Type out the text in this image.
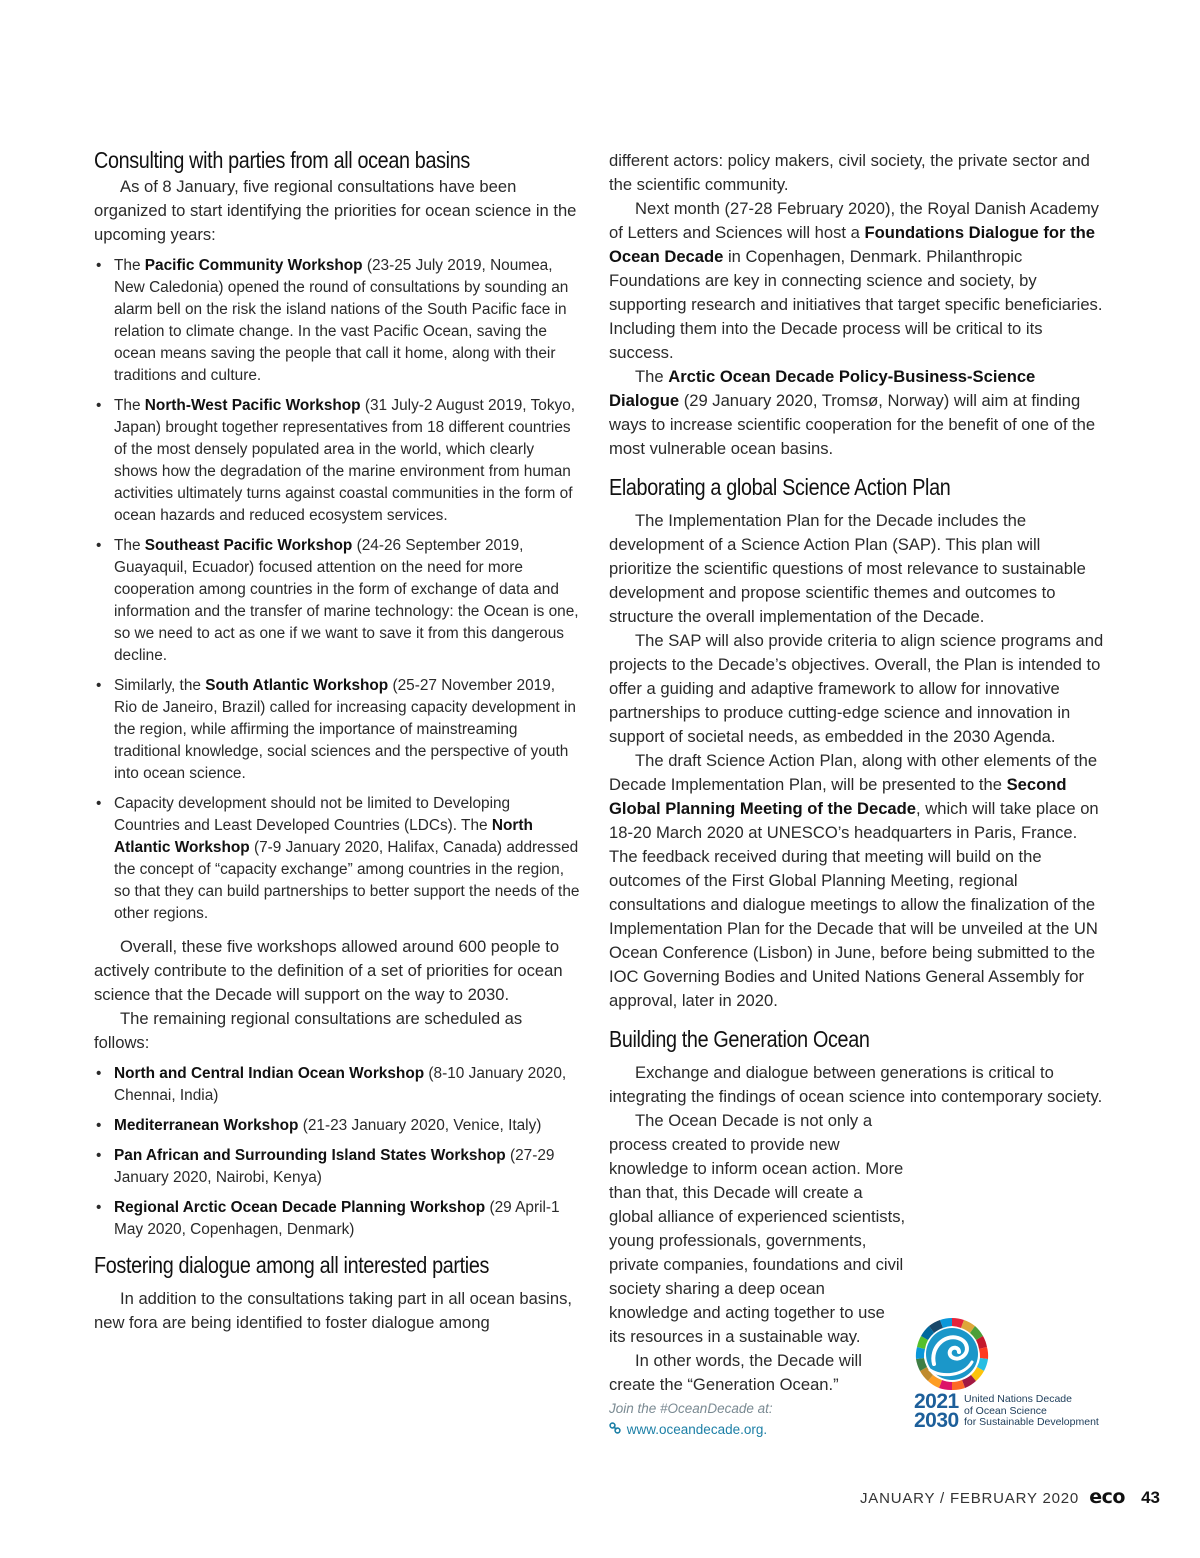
Consulting with parties from all ocean basins

As of 8 January, five regional consultations have been organized to start identifying the priorities for ocean science in the upcoming years:

• The Pacific Community Workshop (23-25 July 2019, Noumea, New Caledonia) opened the round of consultations by sounding an alarm bell on the risk the island nations of the South Pacific face in relation to climate change. In the vast Pacific Ocean, saving the ocean means saving the people that call it home, along with their traditions and culture.
• The North-West Pacific Workshop (31 July-2 August 2019, Tokyo, Japan) brought together representatives from 18 different countries of the most densely populated area in the world, which clearly shows how the degradation of the marine environment from human activities ultimately turns against coastal communities in the form of ocean hazards and reduced ecosystem services.
• The Southeast Pacific Workshop (24-26 September 2019, Guayaquil, Ecuador) focused attention on the need for more cooperation among countries in the form of exchange of data and information and the transfer of marine technology: the Ocean is one, so we need to act as one if we want to save it from this dangerous decline.
• Similarly, the South Atlantic Workshop (25-27 November 2019, Rio de Janeiro, Brazil) called for increasing capacity development in the region, while affirming the importance of mainstreaming traditional knowledge, social sciences and the perspective of youth into ocean science.
• Capacity development should not be limited to Developing Countries and Least Developed Countries (LDCs). The North Atlantic Workshop (7-9 January 2020, Halifax, Canada) addressed the concept of “capacity exchange” among countries in the region, so that they can build partnerships to better support the needs of the other regions.

Overall, these five workshops allowed around 600 people to actively contribute to the definition of a set of priorities for ocean science that the Decade will support on the way to 2030.

The remaining regional consultations are scheduled as follows:

• North and Central Indian Ocean Workshop (8-10 January 2020, Chennai, India)
• Mediterranean Workshop (21-23 January 2020, Venice, Italy)
• Pan African and Surrounding Island States Workshop (27-29 January 2020, Nairobi, Kenya)
• Regional Arctic Ocean Decade Planning Workshop (29 April-1 May 2020, Copenhagen, Denmark)
Fostering dialogue among all interested parties

In addition to the consultations taking part in all ocean basins, new fora are being identified to foster dialogue among

different actors: policy makers, civil society, the private sector and the scientific community.

Next month (27-28 February 2020), the Royal Danish Academy of Letters and Sciences will host a Foundations Dialogue for the Ocean Decade in Copenhagen, Denmark. Philanthropic Foundations are key in connecting science and society, by supporting research and initiatives that target specific beneficiaries. Including them into the Decade process will be critical to its success.

The Arctic Ocean Decade Policy-Business-Science Dialogue (29 January 2020, Tromsø, Norway) will aim at finding ways to increase scientific cooperation for the benefit of one of the most vulnerable ocean basins.

Elaborating a global Science Action Plan

The Implementation Plan for the Decade includes the development of a Science Action Plan (SAP). This plan will prioritize the scientific questions of most relevance to sustainable development and propose scientific themes and outcomes to structure the overall implementation of the Decade.

The SAP will also provide criteria to align science programs and projects to the Decade’s objectives. Overall, the Plan is intended to offer a guiding and adaptive framework to allow for innovative partnerships to produce cutting-edge science and innovation in support of societal needs, as embedded in the 2030 Agenda.

The draft Science Action Plan, along with other elements of the Decade Implementation Plan, will be presented to the Second Global Planning Meeting of the Decade, which will take place on 18-20 March 2020 at UNESCO’s headquarters in Paris, France. The feedback received during that meeting will build on the outcomes of the First Global Planning Meeting, regional consultations and dialogue meetings to allow the finalization of the Implementation Plan for the Decade that will be unveiled at the UN Ocean Conference (Lisbon) in June, before being submitted to the IOC Governing Bodies and United Nations General Assembly for approval, later in 2020.

Building the Generation Ocean

Exchange and dialogue between generations is critical to integrating the findings of ocean science into contemporary society.

The Ocean Decade is not only a process created to provide new knowledge to inform ocean action. More than that, this Decade will create a global alliance of experienced scientists, young professionals, governments, private companies, foundations and civil society sharing a deep ocean knowledge and acting together to use its resources in a sustainable way.

In other words, the Decade will create the “Generation Ocean.”

Join the #OceanDecade at:
www.oceandecade.org.
2021
2030
United Nations Decade
of Ocean Science
for Sustainable Development
JANUARY / FEBRUARY 2020 eco 43
